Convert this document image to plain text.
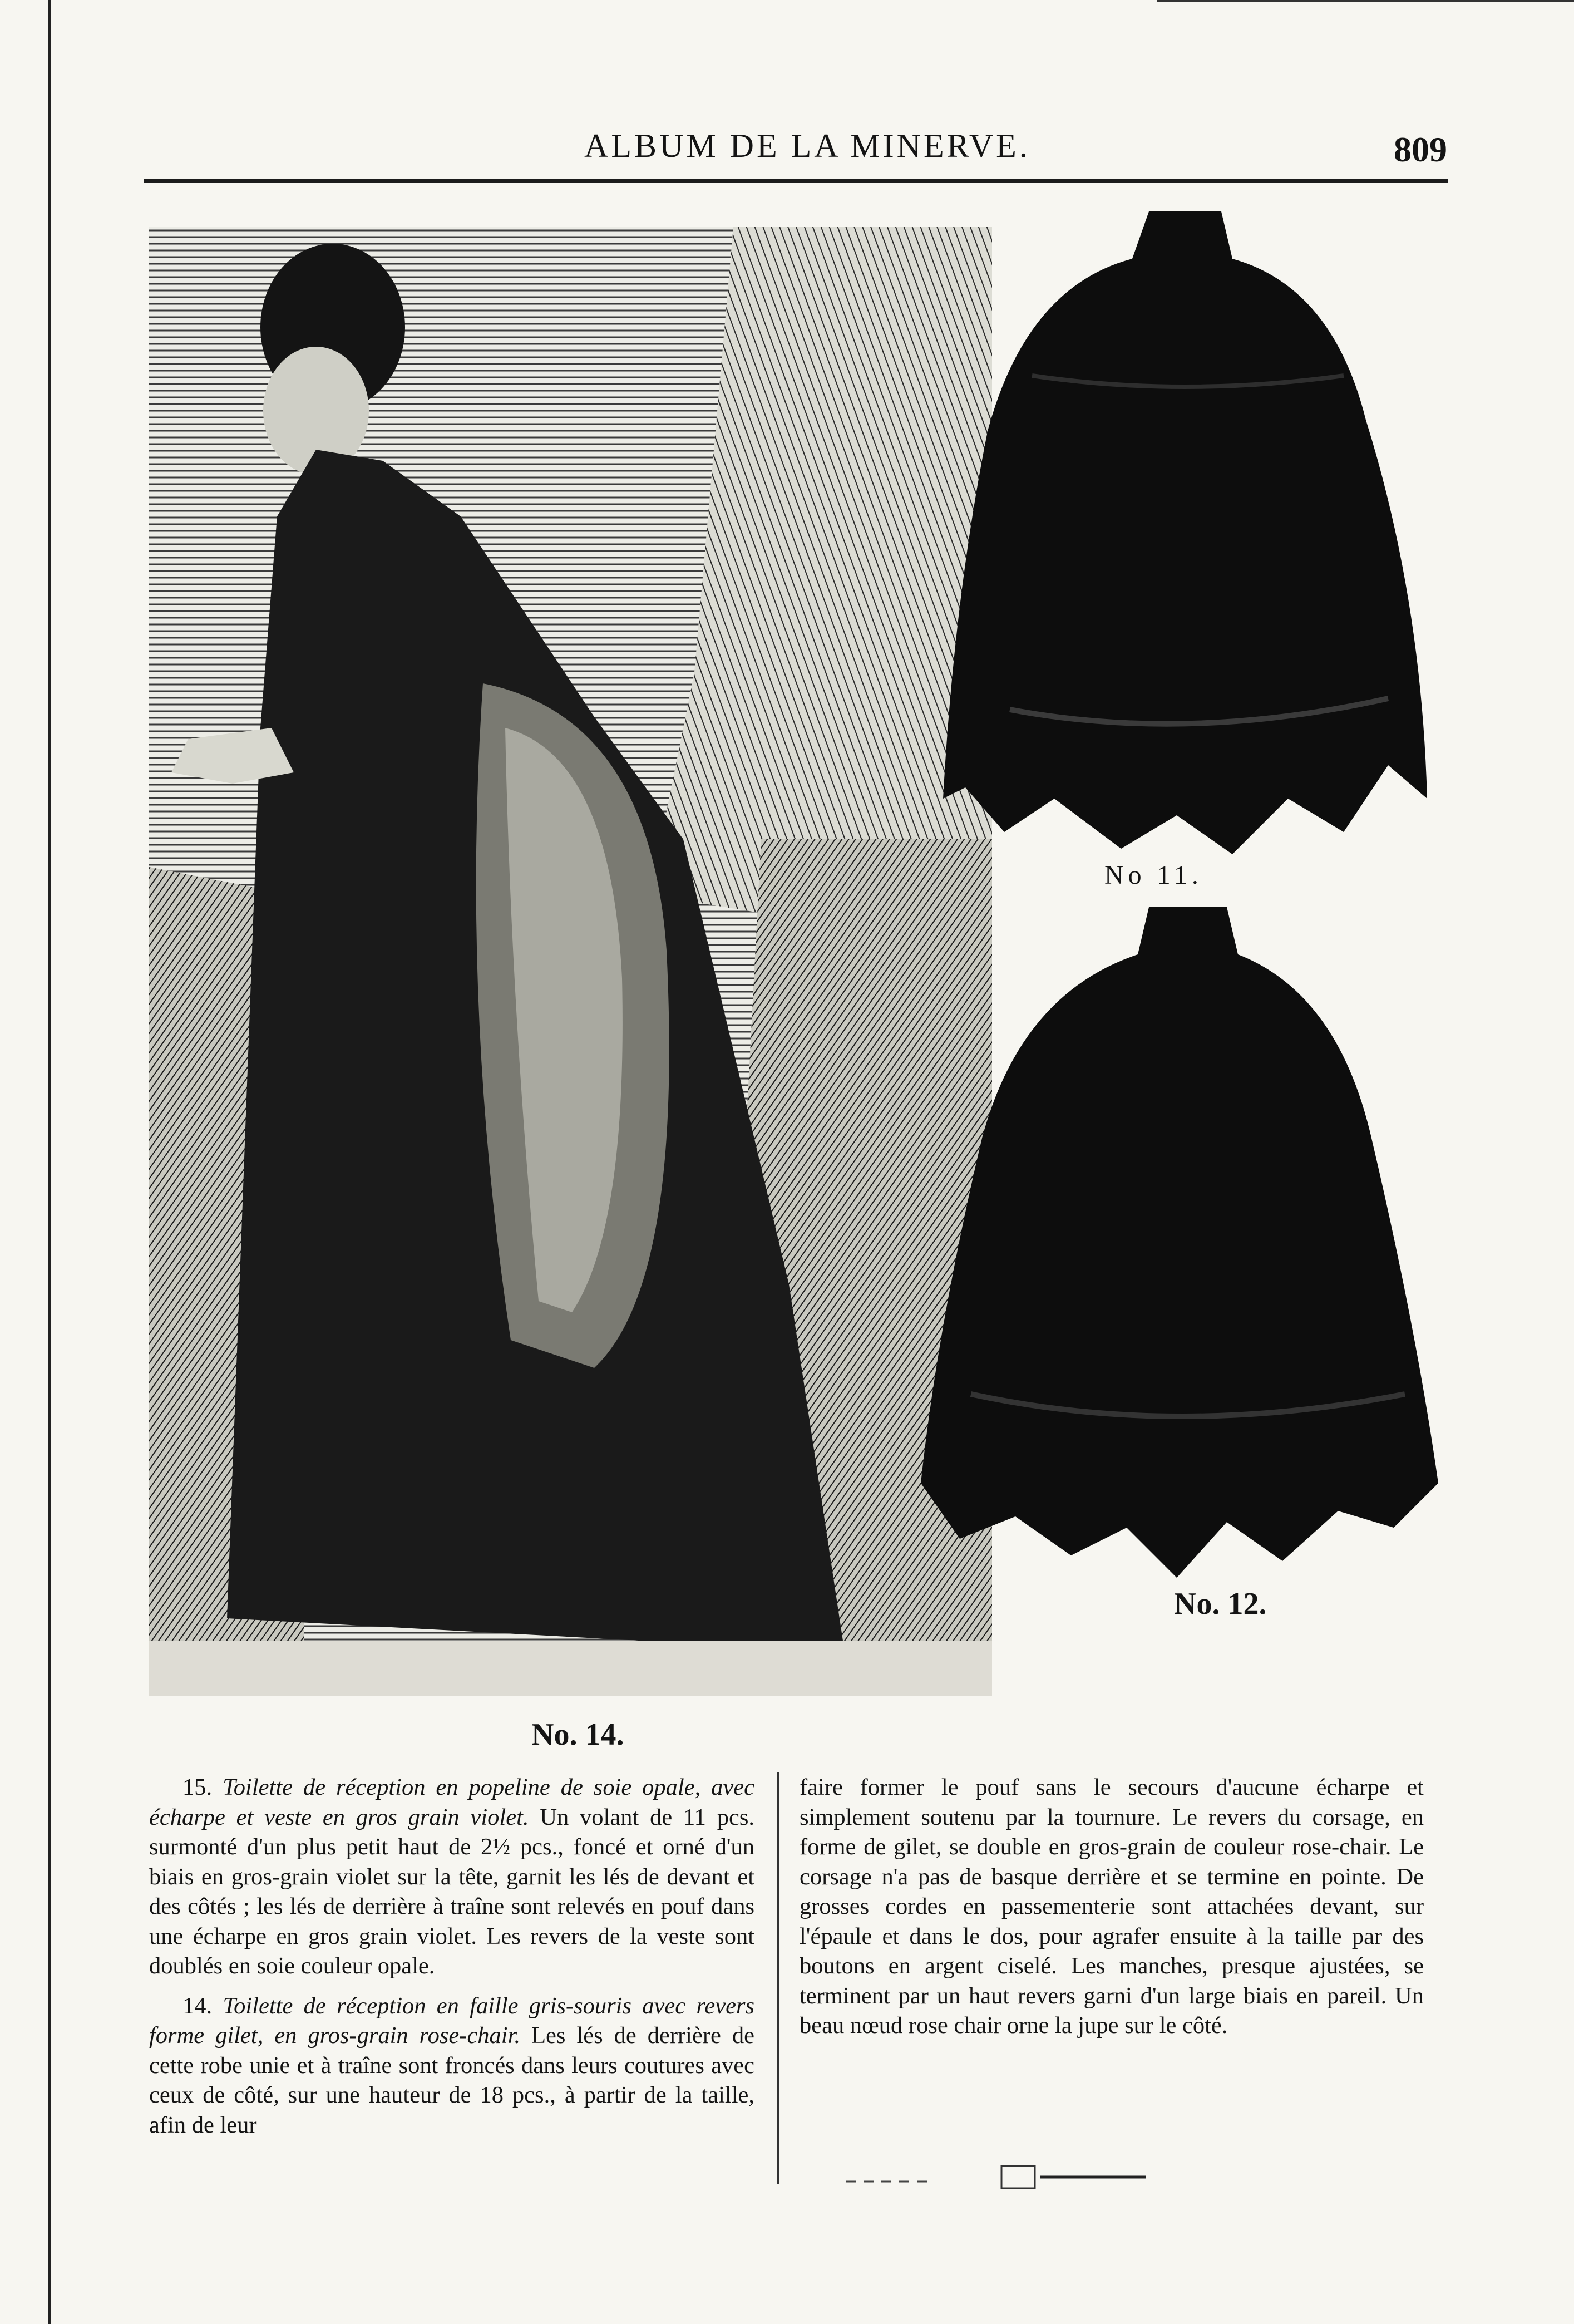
ALBUM DE LA MINERVE.	809
No 11.
No. 12.
No. 14.

15. Toilette de réception en popeline de soie opale, avec écharpe et veste en gros grain violet. Un volant de 11 pcs. surmonté d'un plus petit haut de 2½ pcs., foncé et orné d'un biais en gros-grain violet sur la tête, garnit les lés de devant et des côtés ; les lés de derrière à traîne sont relevés en pouf dans une écharpe en gros grain violet. Les revers de la veste sont doublés en soie couleur opale.

14. Toilette de réception en faille gris-souris avec revers forme gilet, en gros-grain rose-chair. Les lés de derrière de cette robe unie et à traîne sont froncés dans leurs coutures avec ceux de côté, sur une hauteur de 18 pcs., à partir de la taille, afin de leur

faire former le pouf sans le secours d'aucune écharpe et simplement soutenu par la tournure. Le revers du corsage, en forme de gilet, se double en gros-grain de couleur rose-chair. Le corsage n'a pas de basque derrière et se termine en pointe. De grosses cordes en passementerie sont attachées devant, sur l'épaule et dans le dos, pour agrafer ensuite à la taille par des boutons en argent ciselé. Les manches, presque ajustées, se terminent par un haut revers garni d'un large biais en pareil. Un beau nœud rose chair orne la jupe sur le côté.
